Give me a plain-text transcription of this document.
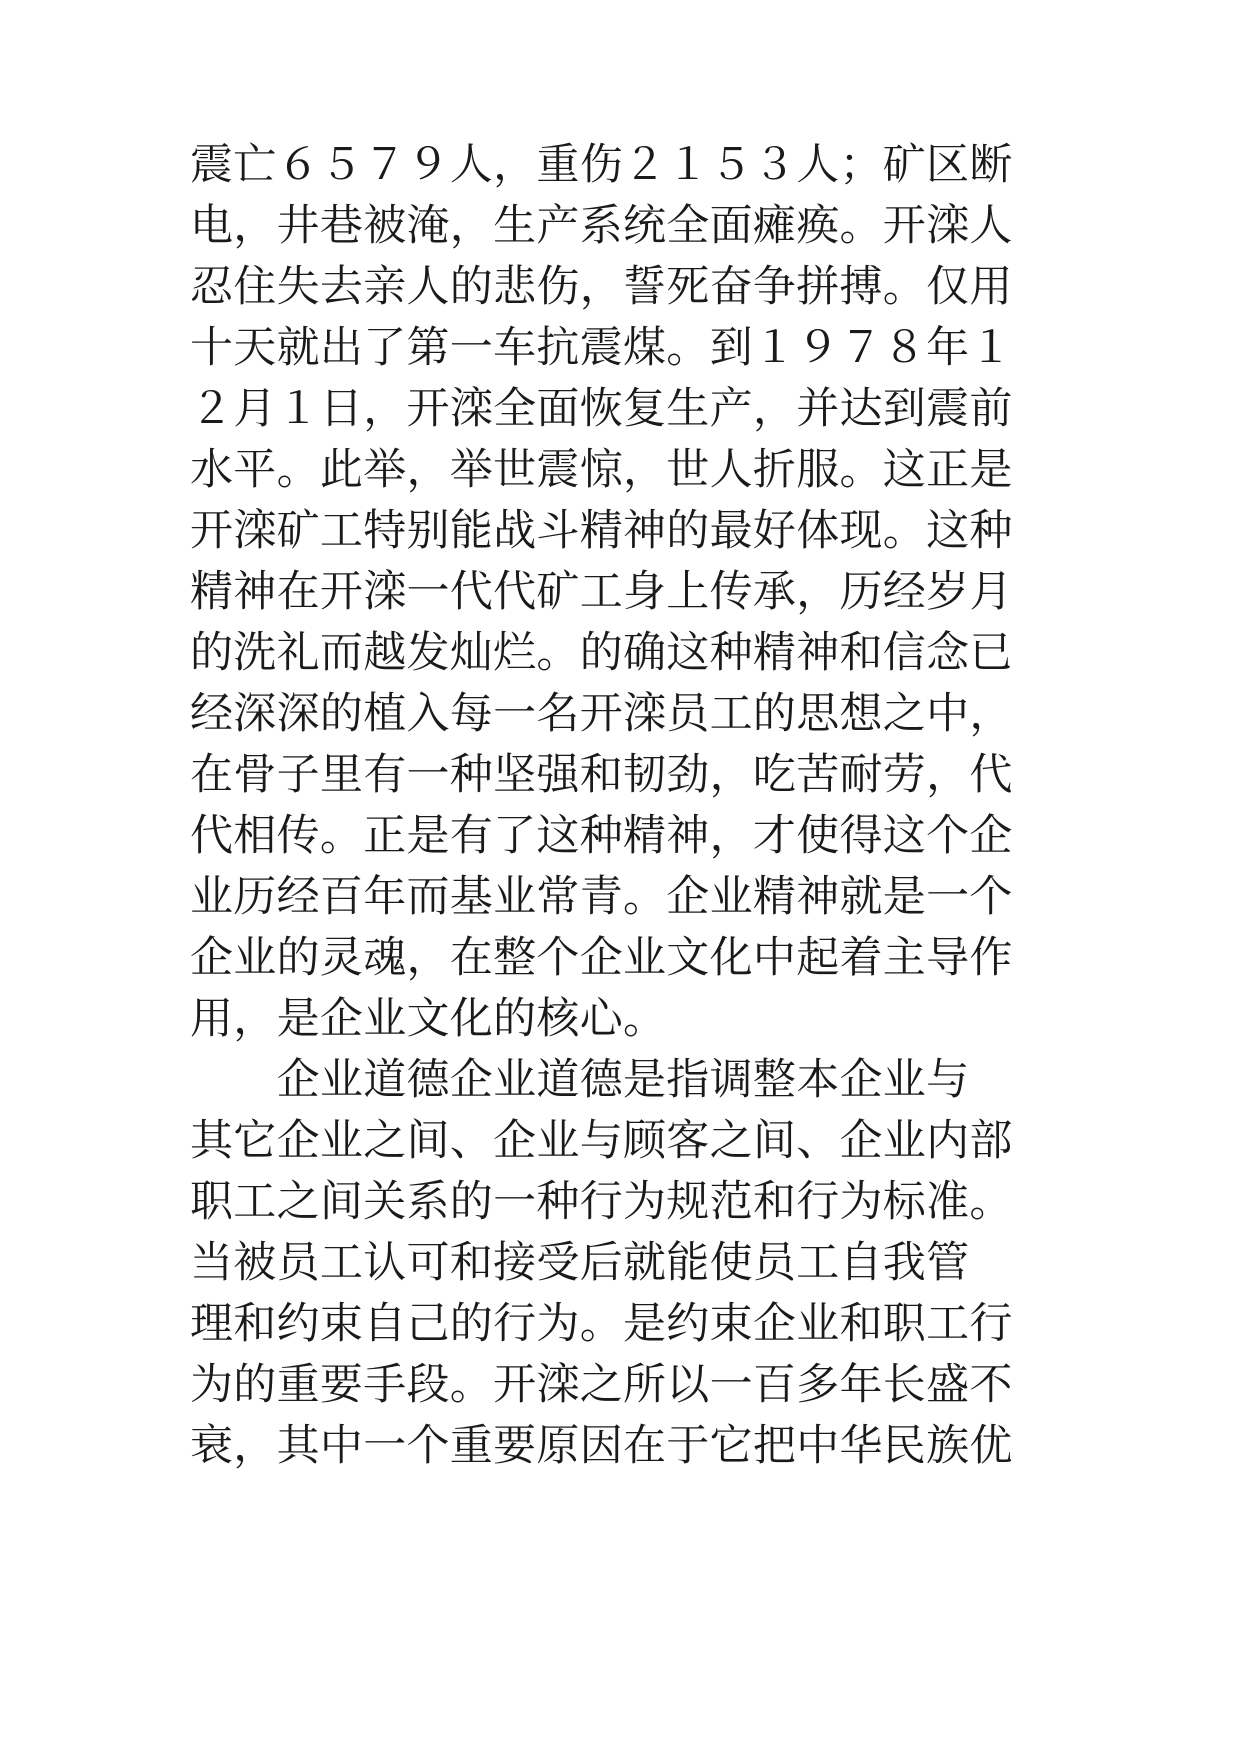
震亡６５７９人，重伤２１５３人；矿区断
电，井巷被淹，生产系统全面瘫痪。开滦人
忍住失去亲人的悲伤，誓死奋争拼搏。仅用
十天就出了第一车抗震煤。到１９７８年１
２月１日，开滦全面恢复生产，并达到震前
水平。此举，举世震惊，世人折服。这正是
开滦矿工特别能战斗精神的最好体现。这种
精神在开滦一代代矿工身上传承，历经岁月
的洗礼而越发灿烂。的确这种精神和信念已
经深深的植入每一名开滦员工的思想之中，
在骨子里有一种坚强和韧劲，吃苦耐劳，代
代相传。正是有了这种精神，才使得这个企
业历经百年而基业常青。企业精神就是一个
企业的灵魂，在整个企业文化中起着主导作
用，是企业文化的核心。
　　企业道德企业道德是指调整本企业与
其它企业之间、企业与顾客之间、企业内部
职工之间关系的一种行为规范和行为标准。
当被员工认可和接受后就能使员工自我管
理和约束自己的行为。是约束企业和职工行
为的重要手段。开滦之所以一百多年长盛不
衰，其中一个重要原因在于它把中华民族优
